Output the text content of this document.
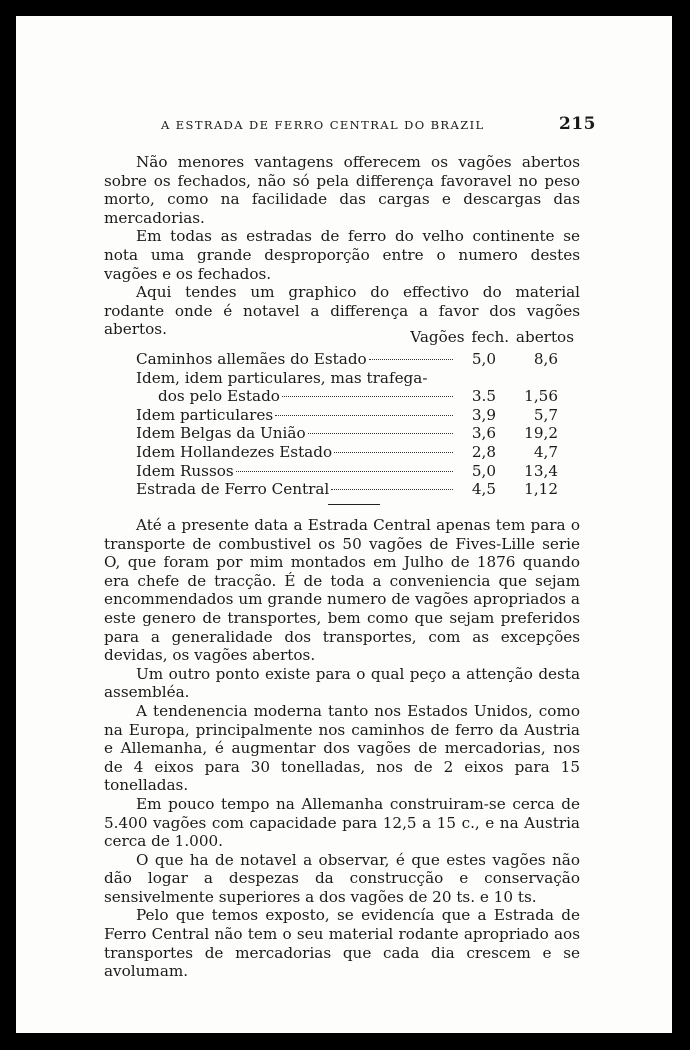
A ESTRADA DE FERRO CENTRAL DO BRAZIL	215

Não menores vantagens offerecem os vagões abertos sobre os fechados, não só pela differença favoravel no peso morto, como na facilidade das cargas e descargas das mercadorias.

Em todas as estradas de ferro do velho continente se nota uma grande desproporção entre o numero destes vagões e os fechados.

Aqui tendes um graphico do effectivo do material rodante onde é notavel a differença a favor dos vagões abertos.	Vagões fech. abertos
Caminhos allemães do Estado	5,0	8,6
Idem, idem particulares, mas trafega-
dos pelo Estado	3.5	1,56
Idem particulares	3,9	5,7
Idem Belgas da União	3,6	19,2
Idem Hollandezes Estado	2,8	4,7
Idem Russos	5,0	13,4
Estrada de Ferro Central	4,5	1,12

Até a presente data a Estrada Central apenas tem para o transporte de combustivel os 50 vagões de Fives-Lille serie O, que foram por mim montados em Julho de 1876 quando era chefe de tracção. É de toda a conveniencia que sejam encommendados um grande numero de vagões apropriados a este genero de transportes, bem como que sejam preferidos para a generalidade dos transportes, com as excepções devidas, os vagões abertos.

Um outro ponto existe para o qual peço a attenção desta assembléa.

A tendenencia moderna tanto nos Estados Unidos, como na Europa, principalmente nos caminhos de ferro da Austria e Allemanha, é augmentar dos vagões de mercadorias, nos de 4 eixos para 30 tonelladas, nos de 2 eixos para 15 tonelladas.

Em pouco tempo na Allemanha construiram-se cerca de 5.400 vagões com capacidade para 12,5 a 15 c., e na Austria cerca de 1.000.

O que ha de notavel a observar, é que estes vagões não dão logar a despezas da construcção e conservação sensivelmente superiores a dos vagões de 20 ts. e 10 ts.

Pelo que temos exposto, se evidencía que a Estrada de Ferro Central não tem o seu material rodante apropriado aos transportes de mercadorias que cada dia crescem e se avolumam.
